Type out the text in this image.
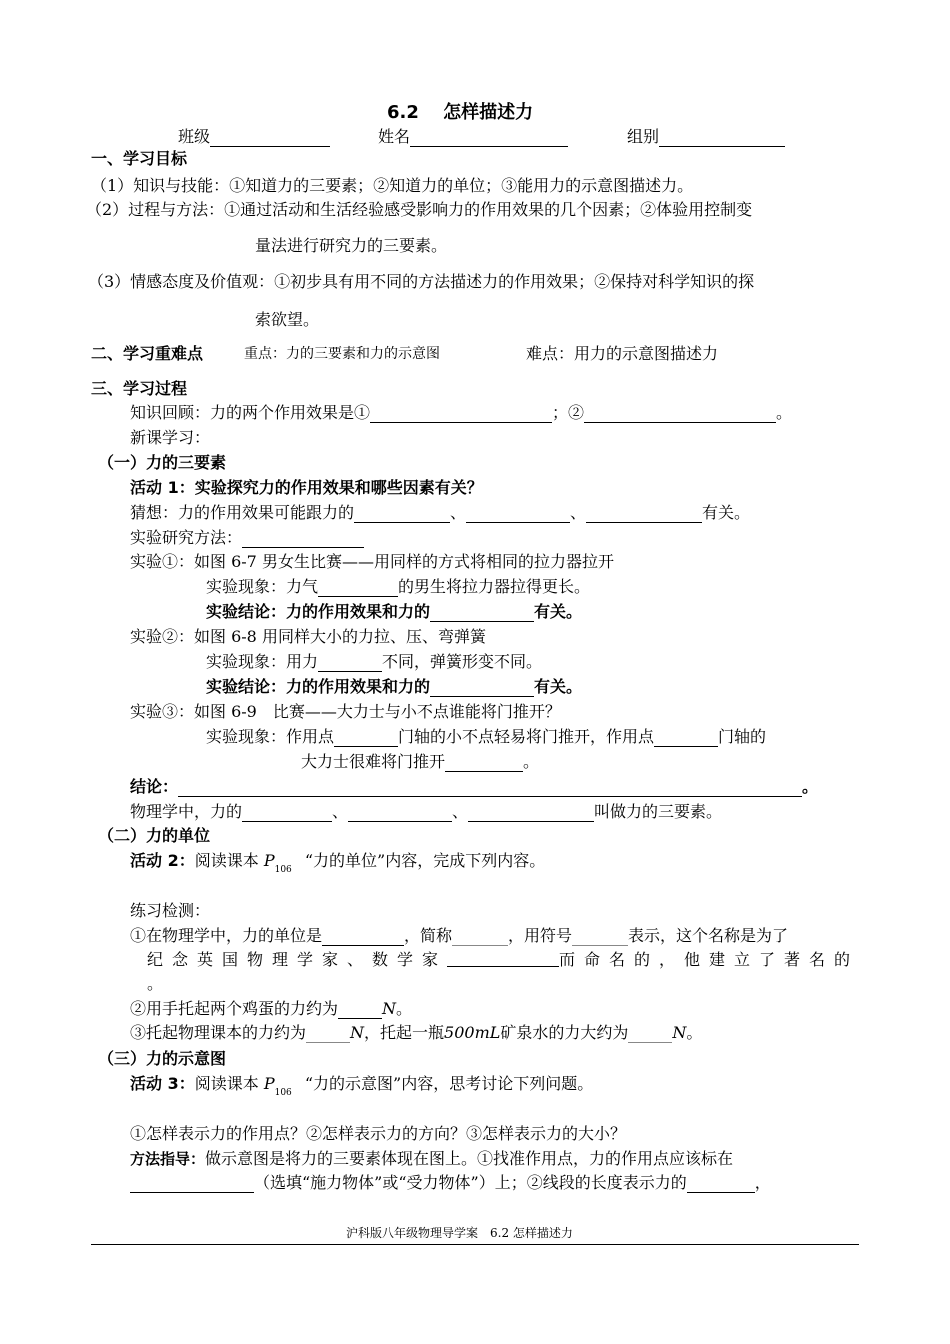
6.2　 怎样描述力
班级	姓名	组别
一、学习目标
（1）知识与技能：①知道力的三要素；②知道力的单位；③能用力的示意图描述力。
（2）过程与方法：①通过活动和生活经验感受影响力的作用效果的几个因素；②体验用控制变
量法进行研究力的三要素。
（3）情感态度及价值观：①初步具有用不同的方法描述力的作用效果；②保持对科学知识的探
索欲望。
二、学习重难点	重点：力的三要素和力的示意图	难点：用力的示意图描述力
三、学习过程
知识回顾：力的两个作用效果是①	；②	。
新课学习：
（一）力的三要素
活动 1：实验探究力的作用效果和哪些因素有关？
猜想：力的作用效果可能跟力的	、	、	有关。
实验研究方法：
实验①：如图 6-7 男女生比赛——用同样的方式将相同的拉力器拉开
实验现象：力气	的男生将拉力器拉得更长。
实验结论：力的作用效果和力的	有关。
实验②：如图 6-8 用同样大小的力拉、压、弯弹簧
实验现象：用力	不同，弹簧形变不同。
实验结论：力的作用效果和力的	有关。
实验③：如图 6-9　比赛——大力士与小不点谁能将门推开？
实验现象：作用点	门轴的小不点轻易将门推开，作用点	门轴的
大力士很难将门推开	。
结论：	。
物理学中，力的	、	、	叫做力的三要素。
（二）力的单位
活动 2：阅读课本 $P_{106}$ “力的单位”内容，完成下列内容。
练习检测：
①在物理学中，力的单位是	，简称	，用符号	表示，这个名称是为了
纪念英国物理学家、数学家	而命名的，他建立了著名的
。
②用手托起两个鸡蛋的力约为	N。
③托起物理课本的力约为	N，托起一瓶500mL矿泉水的力大约为	N。
（三）力的示意图
活动 3：阅读课本 $P_{106}$ “力的示意图”内容，思考讨论下列问题。
①怎样表示力的作用点？②怎样表示力的方向？③怎样表示力的大小？
方法指导：做示意图是将力的三要素体现在图上。①找准作用点，力的作用点应该标在
（选填“施力物体”或“受力物体”）上；②线段的长度表示力的	，
沪科版八年级物理导学案　6.2 怎样描述力
